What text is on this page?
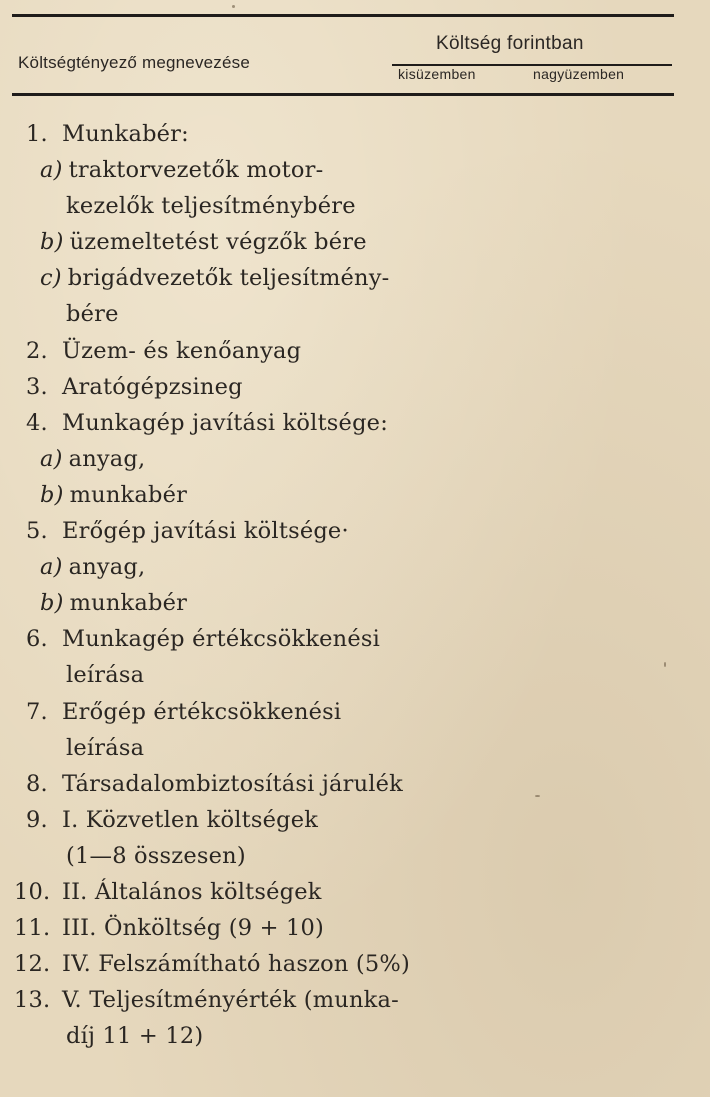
Költségtényező megnevezése
Költség forintban
kisüzemben	nagyüzemben
1. Munkabér:
a) traktorvezetők motor-
kezelők teljesítménybére
b) üzemeltetést végzők bére
c) brigádvezetők teljesítmény-
bére
2. Üzem- és kenőanyag
3. Aratógépzsineg
4. Munkagép javítási költsége:
a) anyag,
b) munkabér
5. Erőgép javítási költsége·
a) anyag,
b) munkabér
6. Munkagép értékcsökkenési
leírása
7. Erőgép értékcsökkenési
leírása
8. Társadalombiztosítási járulék
9. I. Közvetlen költségek
(1—8 összesen)
10. II. Általános költségek
11. III. Önköltség (9 + 10)
12. IV. Felszámítható haszon (5%)
13. V. Teljesítményérték (munka-
díj 11 + 12)
